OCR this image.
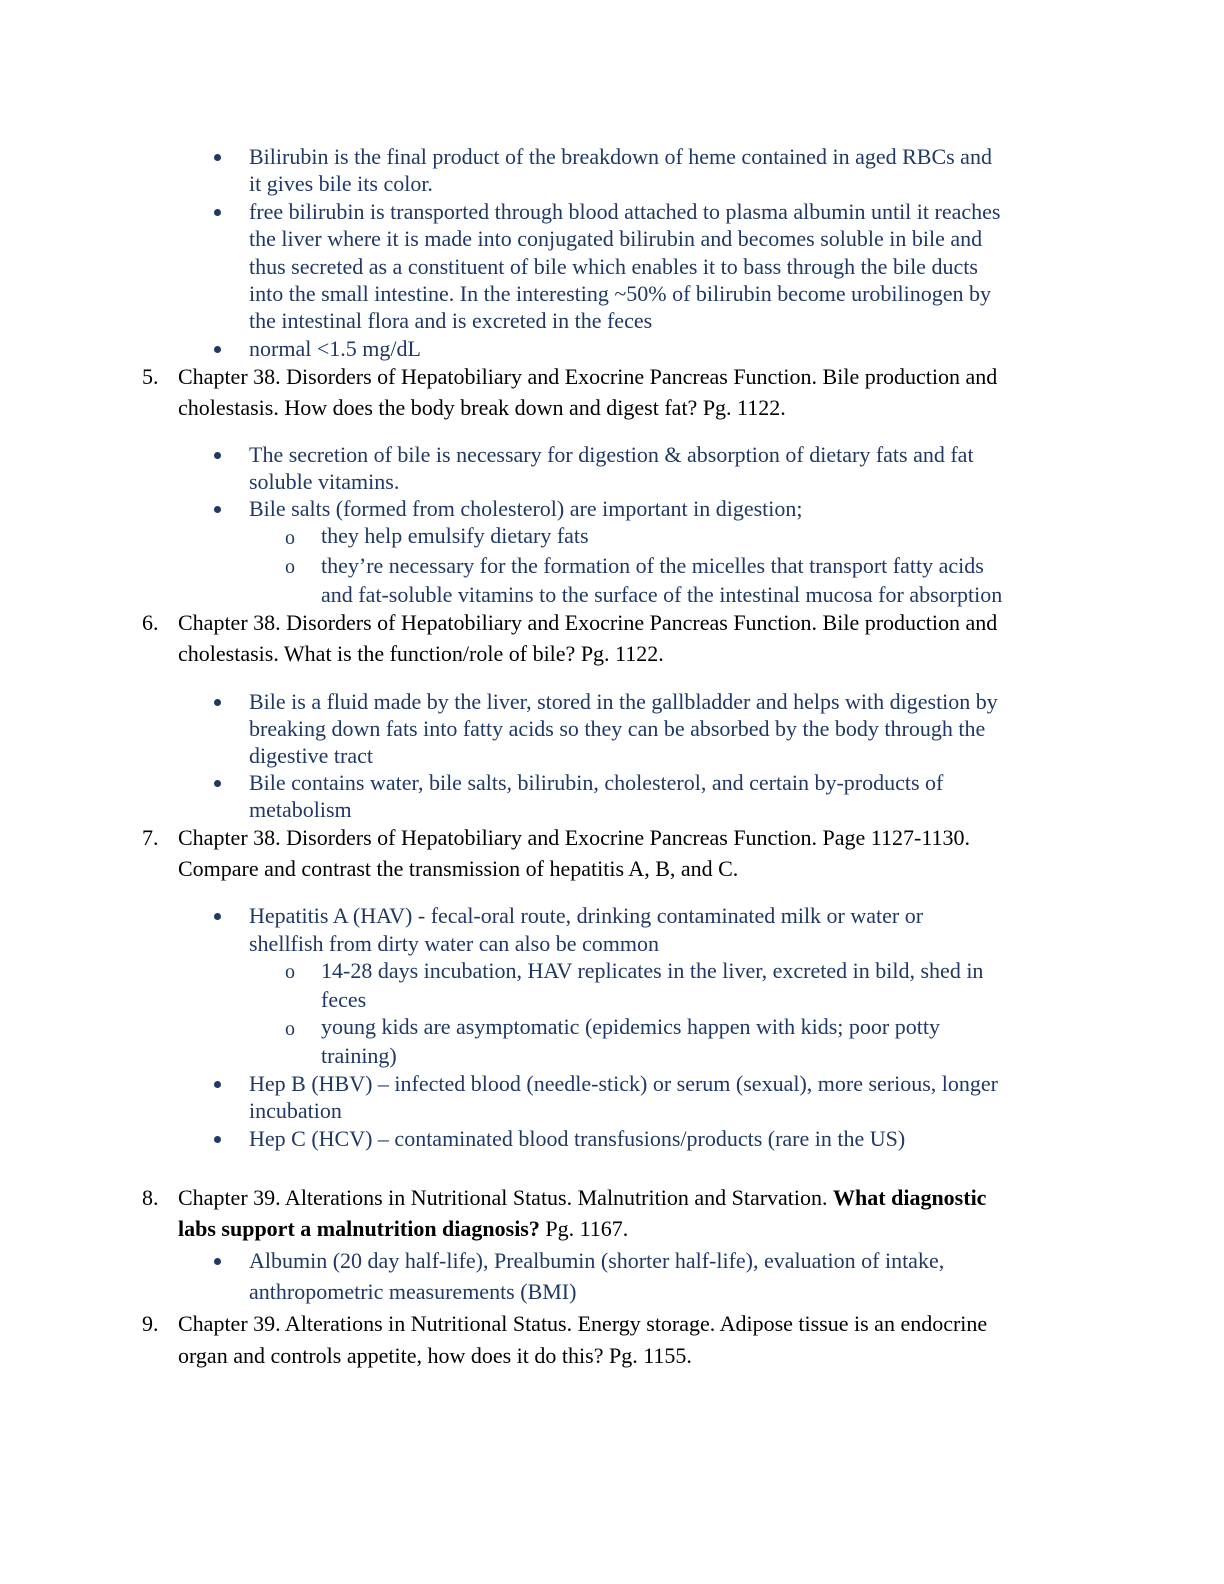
Bilirubin is the final product of the breakdown of heme contained in aged RBCs and
it gives bile its color.
free bilirubin is transported through blood attached to plasma albumin until it reaches
the liver where it is made into conjugated bilirubin and becomes soluble in bile and
thus secreted as a constituent of bile which enables it to bass through the bile ducts
into the small intestine. In the interesting ~50% of bilirubin become urobilinogen by
the intestinal flora and is excreted in the feces
normal <1.5 mg/dL
5. Chapter 38. Disorders of Hepatobiliary and Exocrine Pancreas Function. Bile production and
cholestasis. How does the body break down and digest fat? Pg. 1122.
The secretion of bile is necessary for digestion & absorption of dietary fats and fat
soluble vitamins.
Bile salts (formed from cholesterol) are important in digestion;
o they help emulsify dietary fats
o they’re necessary for the formation of the micelles that transport fatty acids
and fat-soluble vitamins to the surface of the intestinal mucosa for absorption
6. Chapter 38. Disorders of Hepatobiliary and Exocrine Pancreas Function. Bile production and
cholestasis. What is the function/role of bile? Pg. 1122.
Bile is a fluid made by the liver, stored in the gallbladder and helps with digestion by
breaking down fats into fatty acids so they can be absorbed by the body through the
digestive tract
Bile contains water, bile salts, bilirubin, cholesterol, and certain by-products of
metabolism
7. Chapter 38. Disorders of Hepatobiliary and Exocrine Pancreas Function. Page 1127-1130.
Compare and contrast the transmission of hepatitis A, B, and C.
Hepatitis A (HAV) - fecal-oral route, drinking contaminated milk or water or
shellfish from dirty water can also be common
o 14-28 days incubation, HAV replicates in the liver, excreted in bild, shed in
feces
o young kids are asymptomatic (epidemics happen with kids; poor potty
training)
Hep B (HBV) – infected blood (needle-stick) or serum (sexual), more serious, longer
incubation
Hep C (HCV) – contaminated blood transfusions/products (rare in the US)
8. Chapter 39. Alterations in Nutritional Status. Malnutrition and Starvation. What diagnostic
labs support a malnutrition diagnosis? Pg. 1167.
Albumin (20 day half-life), Prealbumin (shorter half-life), evaluation of intake,
anthropometric measurements (BMI)
9. Chapter 39. Alterations in Nutritional Status. Energy storage. Adipose tissue is an endocrine
organ and controls appetite, how does it do this? Pg. 1155.
